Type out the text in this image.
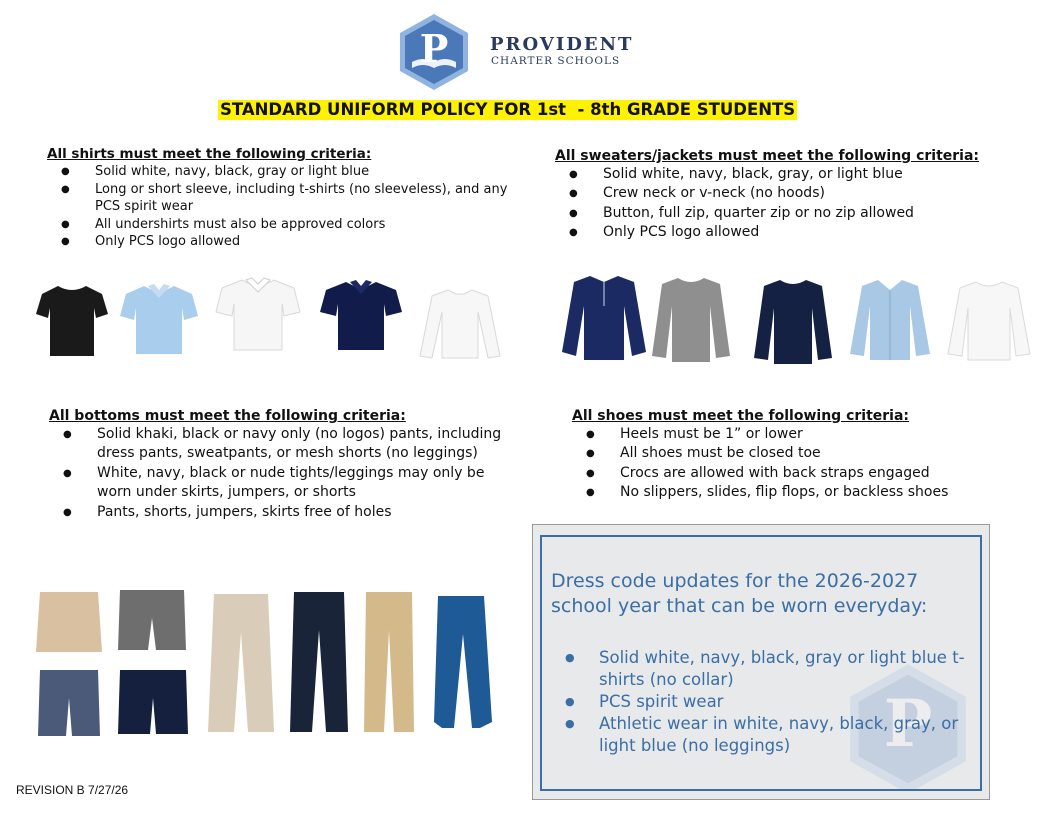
P PROVIDENT
CHARTER SCHOOLS
STANDARD UNIFORM POLICY FOR 1st  - 8th GRADE STUDENTS
All shirts must meet the following criteria:
● Solid white, navy, black, gray or light blue
● Long or short sleeve, including t-shirts (no sleeveless), and any PCS spirit wear
● All undershirts must also be approved colors
● Only PCS logo allowed
All sweaters/jackets must meet the following criteria:
● Solid white, navy, black, gray, or light blue
● Crew neck or v-neck (no hoods)
● Button, full zip, quarter zip or no zip allowed
● Only PCS logo allowed
All bottoms must meet the following criteria:
● Solid khaki, black or navy only (no logos) pants, including dress pants, sweatpants, or mesh shorts (no leggings)
● White, navy, black or nude tights/leggings may only be worn under skirts, jumpers, or shorts
● Pants, shorts, jumpers, skirts free of holes
All shoes must meet the following criteria:
● Heels must be 1” or lower
● All shoes must be closed toe
● Crocs are allowed with back straps engaged
● No slippers, slides, flip flops, or backless shoes
P
Dress code updates for the 2026-2027 school year that can be worn everyday:
● Solid white, navy, black, gray or light blue t-shirts (no collar)
● PCS spirit wear
● Athletic wear in white, navy, black, gray, or light blue (no leggings)
REVISION B 7/27/26
